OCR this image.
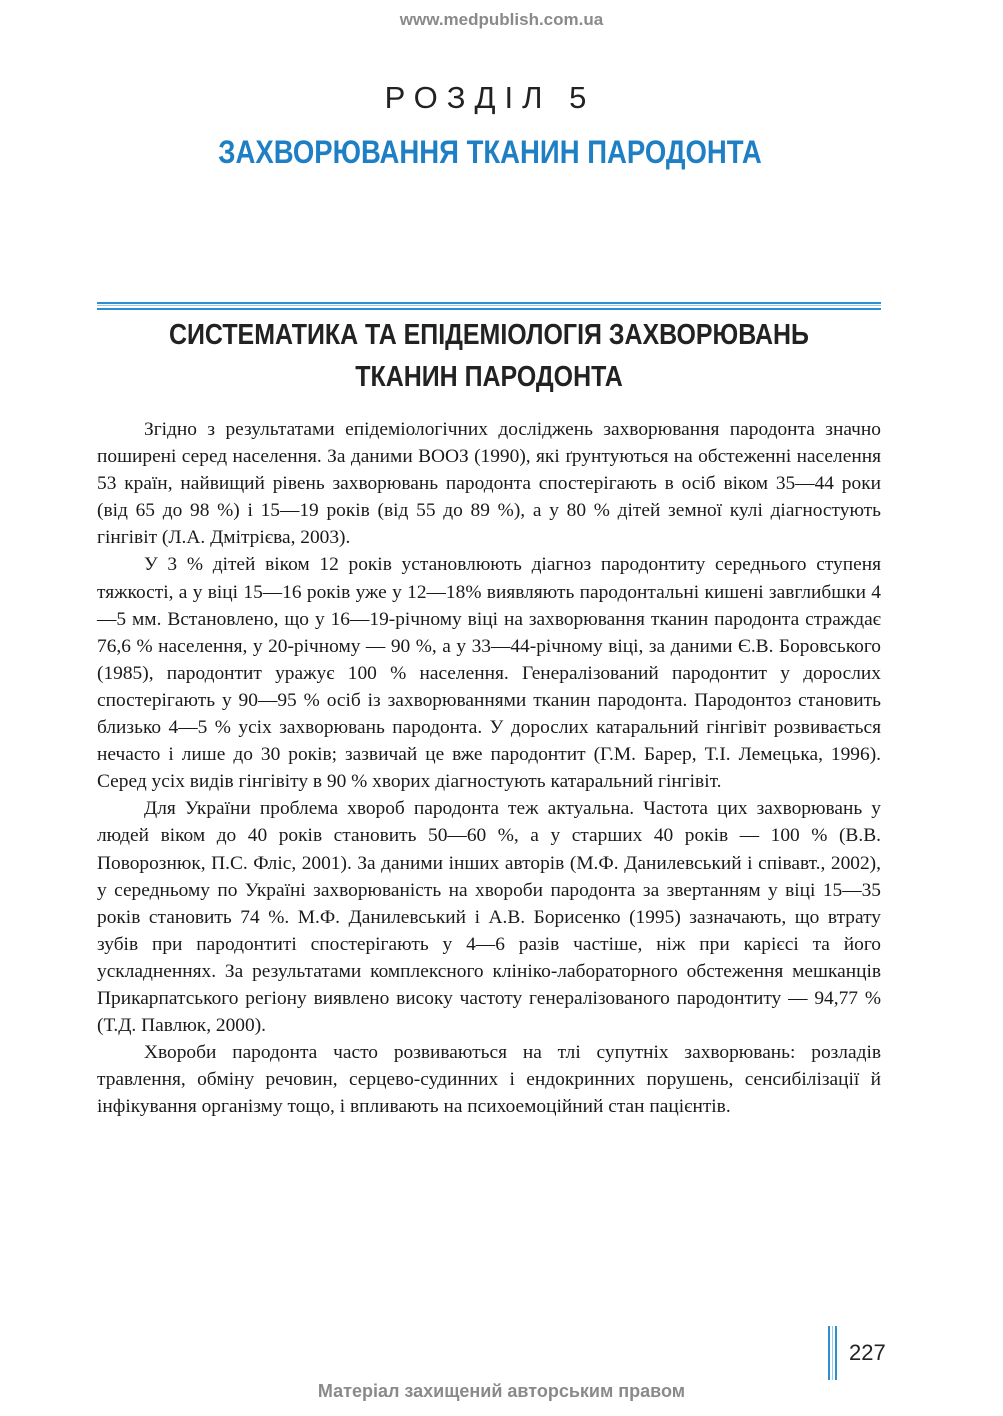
www.medpublish.com.ua
РОЗДІЛ 5
ЗАХВОРЮВАННЯ ТКАНИН ПАРОДОНТА
СИСТЕМАТИКА ТА ЕПІДЕМІОЛОГІЯ ЗАХВОРЮВАНЬ
ТКАНИН ПАРОДОНТА

Згідно з результатами епідеміологічних досліджень захворювання пародонта значно поширені серед населення. За даними ВООЗ (1990), які ґрунтуються на обстеженні населення 53 країн, найвищий рівень захворювань пародонта спостерігають в осіб віком 35—44 роки (від 65 до 98 %) і 15—19 років (від 55 до 89 %), а у 80 % дітей земної кулі діагностують гінгівіт (Л.А. Дмітрієва, 2003).

У 3 % дітей віком 12 років установлюють діагноз пародонтиту середнього ступеня тяжкості, а у віці 15—16 років уже у 12—18% виявляють пародонтальні кишені завглибшки 4—5 мм. Встановлено, що у 16—19-річному віці на захворювання тканин пародонта страждає 76,6 % населення, у 20-річному — 90 %, а у 33—44-річному віці, за даними Є.В. Боровського (1985), пародонтит уражує 100 % населення. Генералізований пародонтит у дорослих спостерігають у 90—95 % осіб із захворюваннями тканин пародонта. Пародонтоз становить близько 4—5 % усіх захворювань пародонта. У дорослих катаральний гінгівіт розвивається нечасто і лише до 30 років; зазвичай це вже пародонтит (Г.М. Барер, Т.І. Лемецька, 1996). Серед усіх видів гінгівіту в 90 % хворих діагностують катаральний гінгівіт.

Для України проблема хвороб пародонта теж актуальна. Частота цих захворювань у людей віком до 40 років становить 50—60 %, а у старших 40 років — 100 % (В.В. Поворознюк, П.С. Фліс, 2001). За даними інших авторів (М.Ф. Данилевський і співавт., 2002), у середньому по Україні захворюваність на хвороби пародонта за звертанням у віці 15—35 років становить 74 %. М.Ф. Данилевський і А.В. Борисенко (1995) зазначають, що втрату зубів при пародонтиті спостерігають у 4—6 разів частіше, ніж при карієсі та його ускладненнях. За результатами комплексного клініко-лабораторного обстеження мешканців Прикарпатського регіону виявлено високу частоту генералізованого пародонтиту — 94,77 % (Т.Д. Павлюк, 2000).

Хвороби пародонта часто розвиваються на тлі супутніх захворювань: розладів травлення, обміну речовин, серцево-судинних і ендокринних порушень, сенсибілізації й інфікування організму тощо, і впливають на психоемоційний стан пацієнтів.

227
Матеріал захищений авторським правом
